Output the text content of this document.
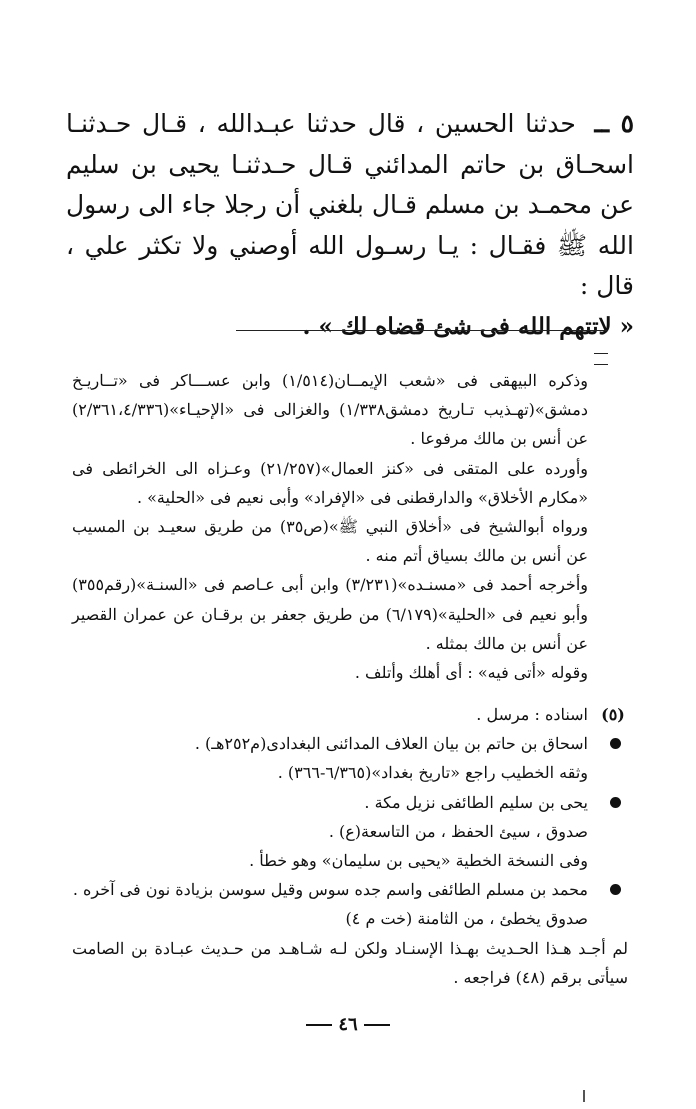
٥ ــ حدثنا الحسين ، قال حدثنا عبـدالله ، قـال حـدثنـا اسحـاق بن حاتم المدائني قـال حـدثنـا يحيى بن سليم عن محمـد بن مسلم قـال بلغني أن رجلا جاء الى رسول الله ﷺ فقـال : يـا رسـول الله أوصني ولا تكثر علي ، قال :
« لاتتهم الله فى شئ قضاه لك » .

وذكره البيهقى فى «شعب الإيمــان(١/٥١٤) وابن عســـاكر فى «تــاريـخ دمشق»(تهـذيب تـاريخ دمشق١/٣٣٨) والغزالى فى «الإحيـاء»(٢/٣٦١،٤/٣٣٦) عن أنس بن مالك مرفوعا .

وأورده على المتقى فى «كنز العمال»(٢١/٢٥٧) وعـزاه الى الخرائطى فى «مكارم الأخلاق» والدارقطنى فى «الإفراد» وأبى نعيم فى «الحلية» .

ورواه أبوالشيخ فى «أخلاق النبي ﷺ»(ص٣٥) من طريق سعيـد بن المسيب عن أنس بن مالك بسياق أتم منه .

وأخرجه أحمد فى «مسنـده»(٣/٢٣١) وابن أبى عـاصم فى «السنـة»(رقم٣٥٥) وأبو نعيم فى «الحلية»(٦/١٧٩) من طريق جعفر بن برقـان عن عمران القصير عن أنس بن مالك بمثله .

وقوله «أتى فيه» : أى أهلك وأتلف .

(٥)

اسناده : مرسل .

اسحاق بن حاتم بن بيان العلاف المدائنى البغدادى(م٢٥٢هـ) .

وثقه الخطيب راجع «تاريخ بغداد»(٦/٣٦٥-٣٦٦) .

يحى بن سليم الطائفى نزيل مكة .

صدوق ، سيئ الحفظ ، من التاسعة(ع) .

وفى النسخة الخطية «يحيى بن سليمان» وهو خطأ .

محمد بن مسلم الطائفى واسم جده سوس وقيل سوسن بزيادة نون فى آخره .

صدوق يخطئ ، من الثامنة (خت م ٤)

لم أجـد هـذا الحـديث بهـذا الإسنـاد ولكن لـه شـاهـد من حـديث عبـادة بن الصامت سيأتى برقم (٤٨) فراجعه .

٤٦
